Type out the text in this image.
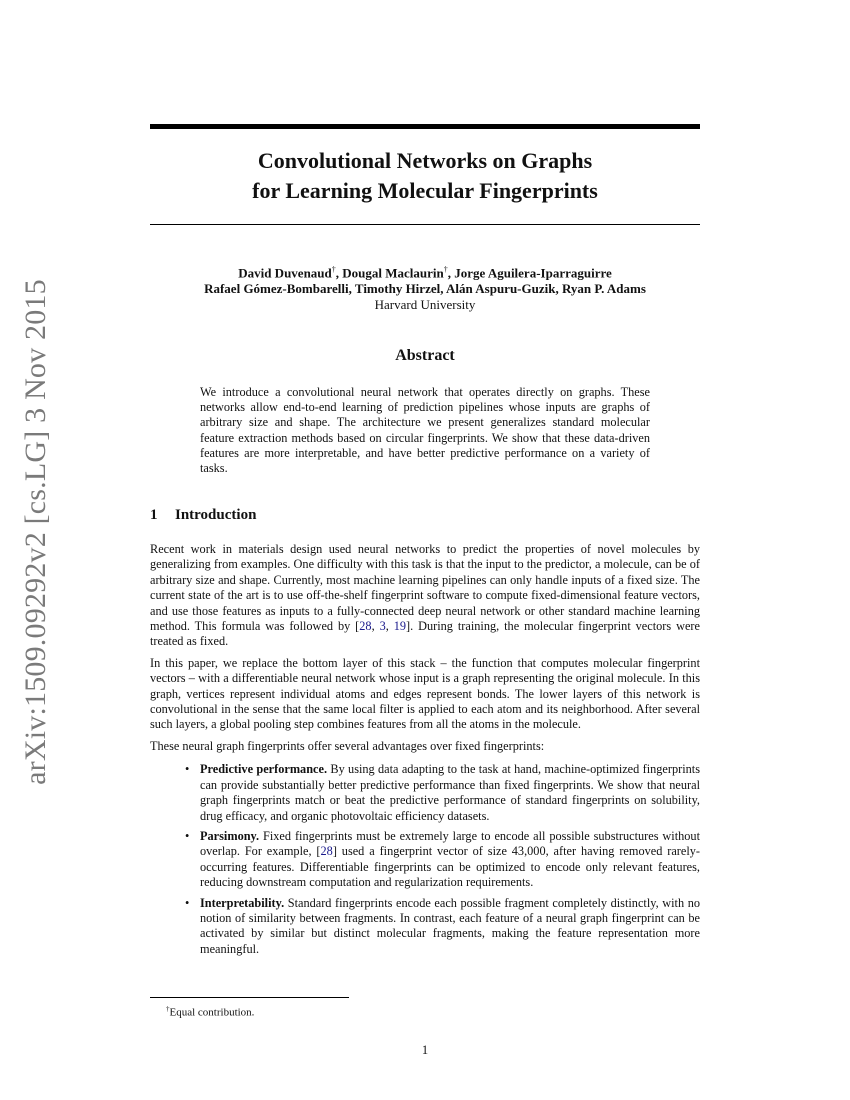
arXiv:1509.09292v2 [cs.LG] 3 Nov 2015
Convolutional Networks on Graphs
for Learning Molecular Fingerprints
David Duvenaud†, Dougal Maclaurin†, Jorge Aguilera-Iparraguirre
Rafael Gómez-Bombarelli, Timothy Hirzel, Alán Aspuru-Guzik, Ryan P. Adams
Harvard University
Abstract

We introduce a convolutional neural network that operates directly on graphs. These networks allow end-to-end learning of prediction pipelines whose inputs are graphs of arbitrary size and shape. The architecture we present generalizes standard molecular feature extraction methods based on circular fingerprints. We show that these data-driven features are more interpretable, and have better predictive performance on a variety of tasks.

1 Introduction

Recent work in materials design used neural networks to predict the properties of novel molecules by generalizing from examples. One difficulty with this task is that the input to the predictor, a molecule, can be of arbitrary size and shape. Currently, most machine learning pipelines can only handle inputs of a fixed size. The current state of the art is to use off-the-shelf fingerprint software to compute fixed-dimensional feature vectors, and use those features as inputs to a fully-connected deep neural network or other standard machine learning method. This formula was followed by [28, 3, 19]. During training, the molecular fingerprint vectors were treated as fixed.

In this paper, we replace the bottom layer of this stack – the function that computes molecular fingerprint vectors – with a differentiable neural network whose input is a graph representing the original molecule. In this graph, vertices represent individual atoms and edges represent bonds. The lower layers of this network is convolutional in the sense that the same local filter is applied to each atom and its neighborhood. After several such layers, a global pooling step combines features from all the atoms in the molecule.

These neural graph fingerprints offer several advantages over fixed fingerprints:

• Predictive performance. By using data adapting to the task at hand, machine-optimized fingerprints can provide substantially better predictive performance than fixed fingerprints. We show that neural graph fingerprints match or beat the predictive performance of standard fingerprints on solubility, drug efficacy, and organic photovoltaic efficiency datasets.
• Parsimony. Fixed fingerprints must be extremely large to encode all possible substructures without overlap. For example, [28] used a fingerprint vector of size 43,000, after having removed rarely-occurring features. Differentiable fingerprints can be optimized to encode only relevant features, reducing downstream computation and regularization requirements.
• Interpretability. Standard fingerprints encode each possible fragment completely distinctly, with no notion of similarity between fragments. In contrast, each feature of a neural graph fingerprint can be activated by similar but distinct molecular fragments, making the feature representation more meaningful.
†Equal contribution.
1
